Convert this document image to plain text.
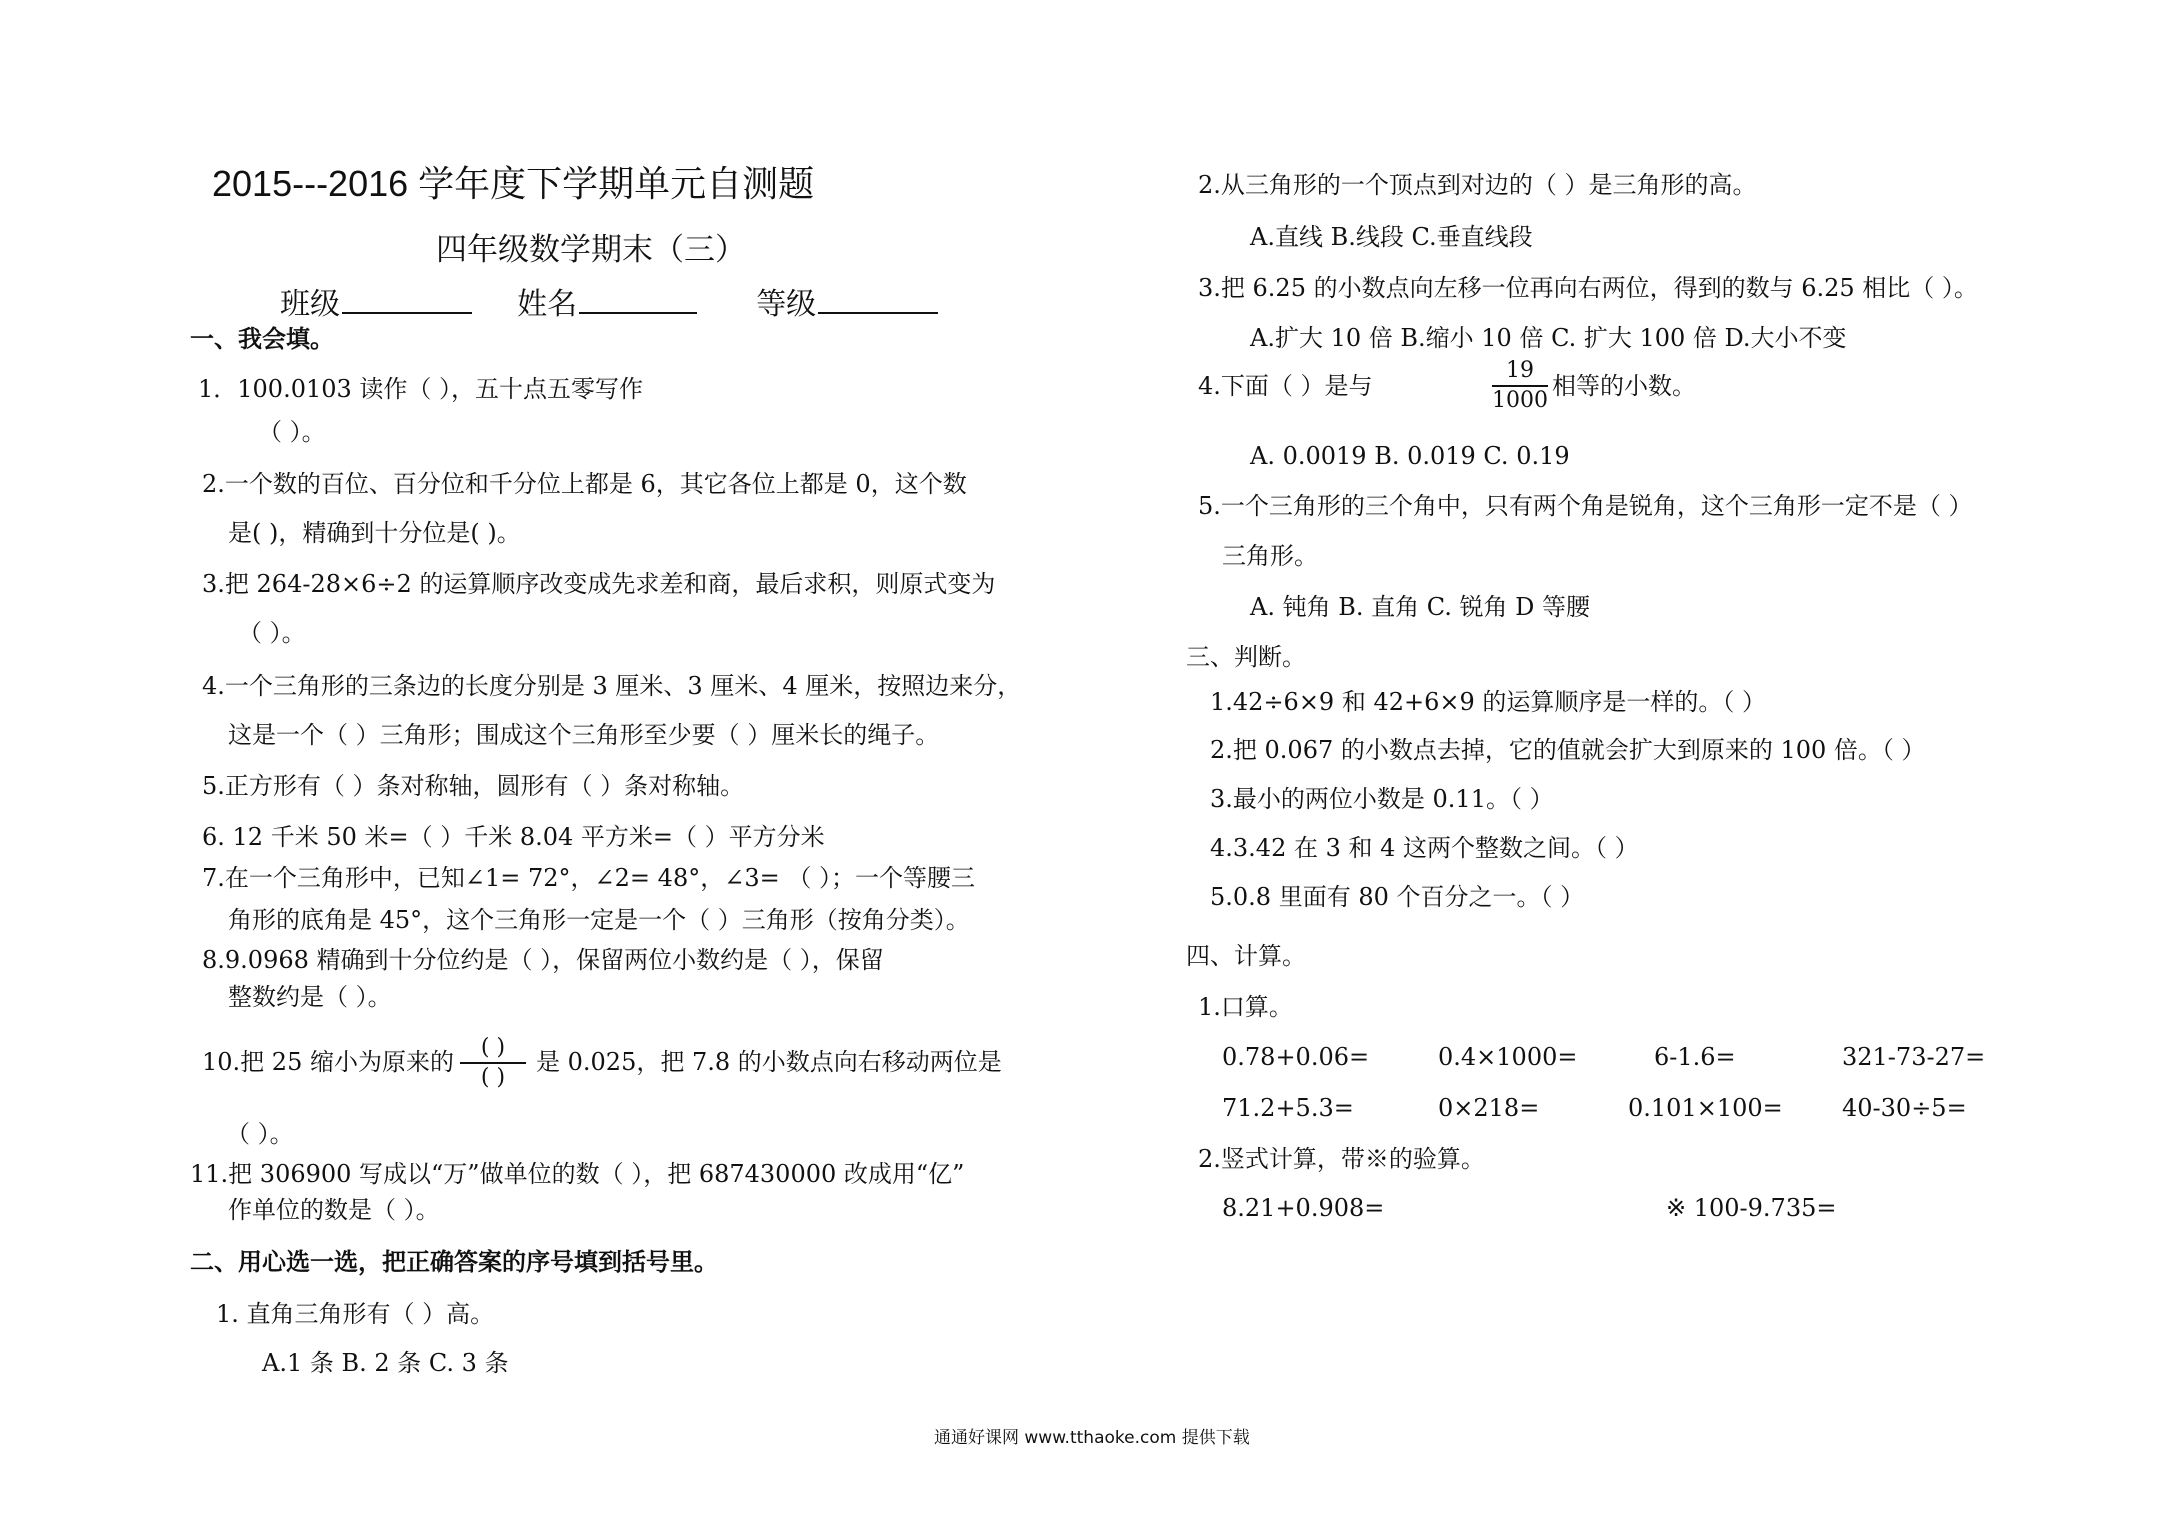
2015---2016 学年度下学期单元自测题
四年级数学期末（三）
班级	姓名	等级
一、我会填。
1．100.0103 读作（ ），五十点五零写作
（ ）。
2.一个数的百位、百分位和千分位上都是 6，其它各位上都是 0，这个数
是( )，精确到十分位是( )。
3.把 264-28×6÷2 的运算顺序改变成先求差和商，最后求积，则原式变为
（ ）。
4.一个三角形的三条边的长度分别是 3 厘米、3 厘米、4 厘米，按照边来分，
这是一个（ ）三角形；围成这个三角形至少要（ ）厘米长的绳子。
5.正方形有（ ）条对称轴，圆形有（ ）条对称轴。
6. 12 千米 50 米=（ ）千米 8.04 平方米=（ ）平方分米
7.在一个三角形中，已知∠1= 72°，∠2= 48°，∠3= （ ）；一个等腰三
角形的底角是 45°，这个三角形一定是一个（ ）三角形（按角分类）。
8.9.0968 精确到十分位约是（ ），保留两位小数约是（ ），保留
整数约是（ ）。
10.把 25 缩小为原来的
( )
( )
是 0.025，把 7.8 的小数点向右移动两位是
（ ）。
11.把 306900 写成以“万”做单位的数（ ），把 687430000 改成用“亿”
作单位的数是（ ）。
二、用心选一选，把正确答案的序号填到括号里。
1. 直角三角形有（ ）高。
A.1 条 B. 2 条 C. 3 条
2.从三角形的一个顶点到对边的（ ）是三角形的高。
A.直线 B.线段 C.垂直线段
3.把 6.25 的小数点向左移一位再向右两位，得到的数与 6.25 相比（ ）。
A.扩大 10 倍 B.缩小 10 倍 C. 扩大 100 倍 D.大小不变
4.下面（ ）是与
19
1000
相等的小数。
A. 0.0019 B. 0.019 C. 0.19
5.一个三角形的三个角中，只有两个角是锐角，这个三角形一定不是（ ）
三角形。
A. 钝角 B. 直角 C. 锐角 D 等腰
三、判断。
1.42÷6×9 和 42+6×9 的运算顺序是一样的。（ ）
2.把 0.067 的小数点去掉，它的值就会扩大到原来的 100 倍。（ ）
3.最小的两位小数是 0.11。（ ）
4.3.42 在 3 和 4 这两个整数之间。（ ）
5.0.8 里面有 80 个百分之一。（ ）
四、计算。
1.口算。
0.78+0.06=	0.4×1000=	6-1.6=	321-73-27=
71.2+5.3=	0×218=	0.101×100= 40-30÷5=
2.竖式计算，带※的验算。
8.21+0.908=	※ 100-9.735=
通通好课网 www.tthaoke.com 提供下载
